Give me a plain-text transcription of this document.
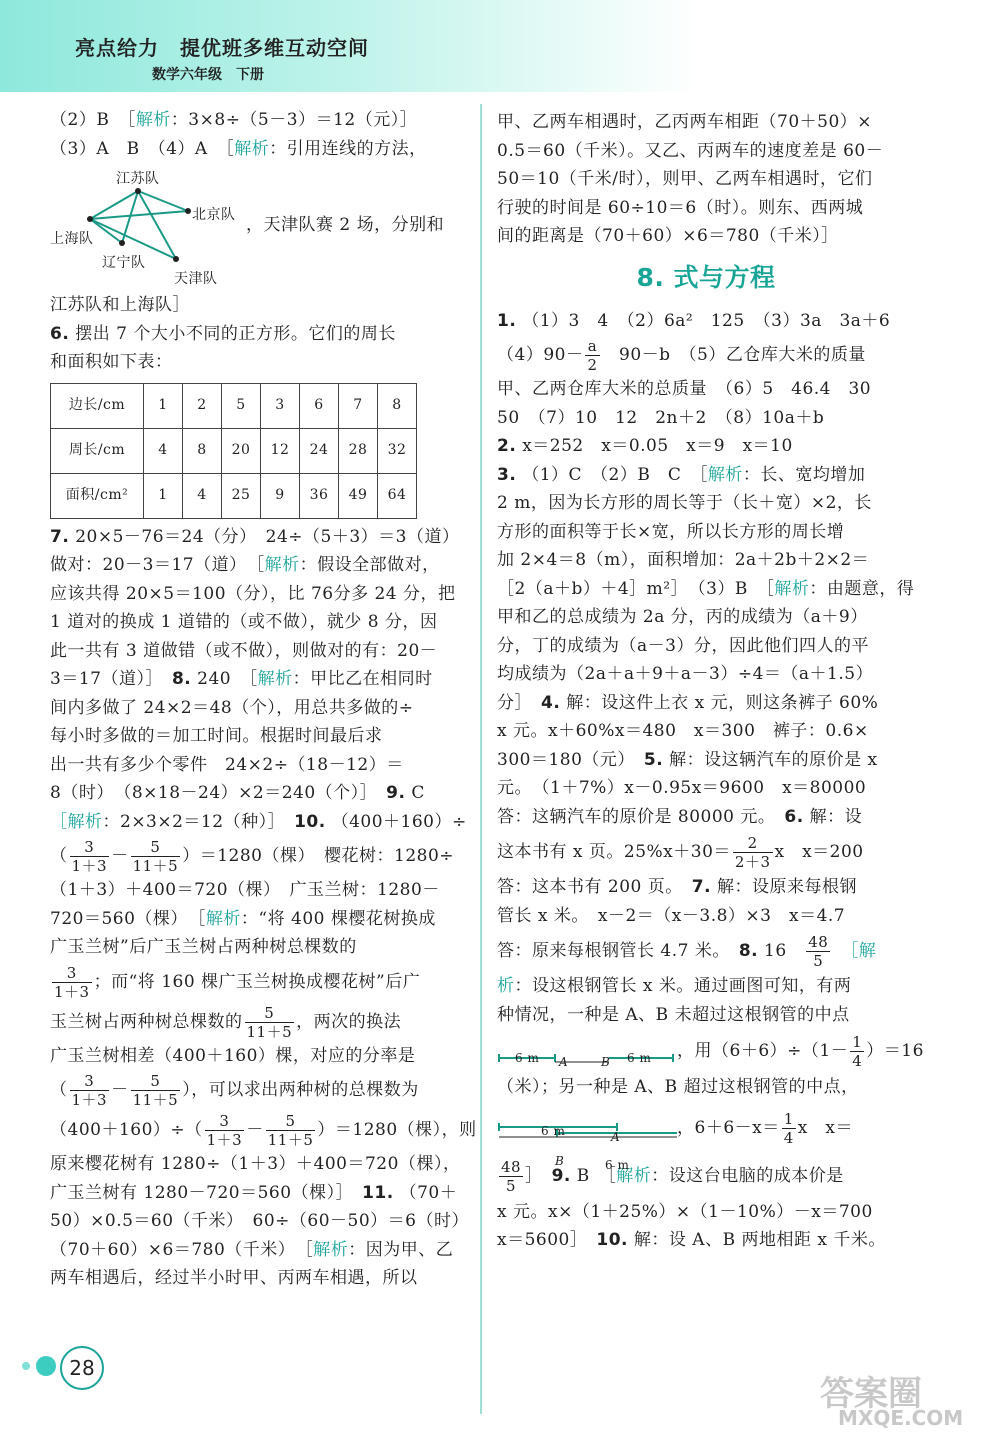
亮点给力　提优班多维互动空间
数学六年级　下册

（2）B　［解析：3×8÷（5－3）＝12（元）］

（3）A　B　（4）A　［解析：引用连线的方法，

江苏队
北京队
上海队
辽宁队
天津队
，天津队赛 2 场，分别和

江苏队和上海队］

6. 摆出 7 个大小不同的正方形。它们的周长

和面积如下表：

边长/cm	1	2	5	3	6	7	8
周长/cm	4	8	20	12	24	28	32
面积/cm²	1	4	25	9	36	49	64

7. 20×5－76＝24（分）　24÷（5＋3）＝3（道）

做对：20－3＝17（道）　［解析：假设全部做对，

应该共得 20×5＝100（分），比 76分多 24 分，把

1 道对的换成 1 道错的（或不做），就少 8 分，因

此一共有 3 道做错（或不做），则做对的有：20－

3＝17（道）］　8. 240　［解析：甲比乙在相同时

间内多做了 24×2＝48（个），用总共多做的÷

每小时多做的＝加工时间。根据时间最后求

出一共有多少个零件　24×2÷（18－12）＝

8（时）　（8×18－24）×2＝240（个）］　9. C

［解析：2×3×2＝12（种）］　10. （400＋160）÷

（ $\frac{3}{1+3} - \frac{5}{11+5} )=1280$（棵）　樱花树：1280÷

（1＋3）＋400＝720（棵）　广玉兰树：1280－

720＝560（棵）　［解析：“将 400 棵樱花树换成

广玉兰树”后广玉兰树占两种树总棵数的

$\frac{3}{1+3}$ ；而“将 160 棵广玉兰树换成樱花树”后广

玉兰树占两种树总棵数的 $\frac{5}{11+5}$ ，两次的换法

广玉兰树相差（400＋160）棵，对应的分率是

（ $\frac{3}{1+3} - \frac{5}{11+5}$ ），可以求出两种树的总棵数为

$(400+160)\div( \frac{3}{1+3} - \frac{5}{11+5} )=1280$（棵），则

原来樱花树有 1280÷（1＋3）＋400＝720（棵），

广玉兰树有 1280－720＝560（棵）］　11. （70＋

50）×0.5＝60（千米）　60÷（60－50）＝6（时）

（70＋60）×6＝780（千米）　［解析：因为甲、乙

两车相遇后，经过半小时甲、丙两车相遇，所以

甲、乙两车相遇时，乙丙两车相距（70＋50）×

0.5＝60（千米）。又乙、丙两车的速度差是 60－

50＝10（千米/时），则甲、乙两车相遇时，它们

行驶的时间是 60÷10＝6（时）。则东、西两城

间的距离是（70＋60）×6＝780（千米）］

8. 式与方程

1. （1）3　4　（2）6a²　125　（3）3a　3a＋6

$(4)90- \frac{a}{2}$ 　90－b　（5）乙仓库大米的质量

甲、乙两仓库大米的总质量　（6）5　46.4　30

50　（7）10　12　2n＋2　（8）10a＋b

2. x＝252　x＝0.05　x＝9　x＝10

3. （1）C　（2）B　C　［解析：长、宽均增加

2 m，因为长方形的周长等于（长＋宽）×2，长

方形的面积等于长×宽，所以长方形的周长增

加 2×4＝8（m），面积增加：2a＋2b＋2×2＝

［2（a＋b）＋4］m²］　（3）B　［解析：由题意，得

甲和乙的总成绩为 2a 分，丙的成绩为（a＋9）

分，丁的成绩为（a－3）分，因此他们四人的平

均成绩为（2a＋a＋9＋a－3）÷4＝（a＋1.5）

分］　4. 解：设这件上衣 x 元，则这条裤子 60%

x 元。x＋60%x＝480　x＝300　裤子：0.6×

300＝180（元）　5. 解：设这辆汽车的原价是 x

元。　（1＋7%）x－0.95x＝9600　x＝80000

答：这辆汽车的原价是 80000 元。　6. 解：设

这本书有 x 页。$25\%x+30= \frac{2}{2+3}$ x　x＝200

答：这本书有 200 页。　7. 解：设原来每根钢

管长 x 米。　x－2＝（x－3.8）×3　x＝4.7

答：原来每根钢管长 4.7 米。　8. 16　 $\frac{48}{5}$ 　［解

析：设这根钢管长 x 米。通过画图可知，有两

种情况，一种是 A、B 未超过这根钢管的中点

6 m A	B 6 m ，用$(6+6)\div(1- \frac{1}{4} )=16$

（米）；另一种是 A、B 超过这根钢管的中点，

6 m	A
B	6 m
，$6+6-x= \frac{1}{4}$ x　x＝

$\frac{48}{5}$ ］　9. B　［解析：设这台电脑的成本价是

x 元。x×（1＋25%）×（1－10%）－x＝700

x＝5600］　10. 解：设 A、B 两地相距 x 千米。

28
答案圈
MXQE.COM
